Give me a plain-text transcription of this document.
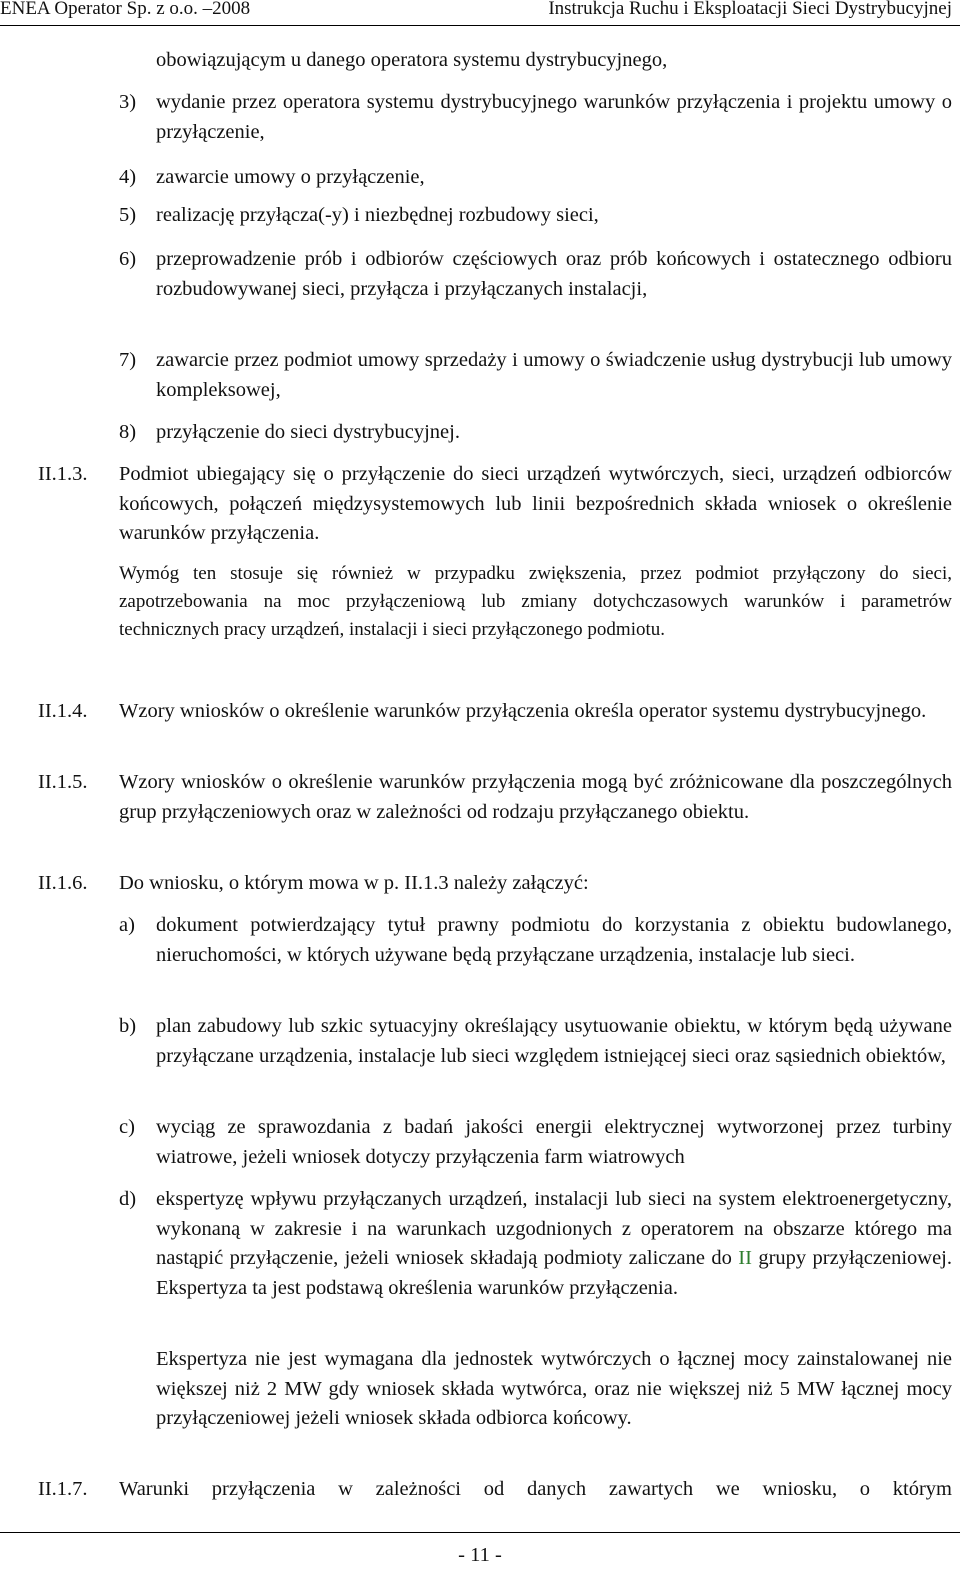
ENEA Operator Sp. z o.o. –2008	Instrukcja Ruchu i Eksploatacji Sieci Dystrybucyjnej
obowiązującym u danego operatora systemu dystrybucyjnego,
3) wydanie przez operatora systemu dystrybucyjnego warunków przyłączenia i projektu umowy o przyłączenie,
4) zawarcie umowy o przyłączenie,
5) realizację przyłącza(-y) i niezbędnej rozbudowy sieci,
6) przeprowadzenie prób i odbiorów częściowych oraz prób końcowych i ostatecznego odbioru rozbudowywanej sieci, przyłącza i przyłączanych instalacji,
7) zawarcie przez podmiot umowy sprzedaży i umowy o świadczenie usług dystrybucji lub umowy kompleksowej,
8) przyłączenie do sieci dystrybucyjnej.
II.1.3. Podmiot ubiegający się o przyłączenie do sieci urządzeń wytwórczych, sieci, urządzeń odbiorców końcowych, połączeń międzysystemowych lub linii bezpośrednich składa wniosek o określenie warunków przyłączenia.
Wymóg ten stosuje się również w przypadku zwiększenia, przez podmiot przyłączony do sieci, zapotrzebowania na moc przyłączeniową lub zmiany dotychczasowych warunków i parametrów technicznych pracy urządzeń, instalacji i sieci przyłączonego podmiotu.
II.1.4. Wzory wniosków o określenie warunków przyłączenia określa operator systemu dystrybucyjnego.
II.1.5. Wzory wniosków o określenie warunków przyłączenia mogą być zróżnicowane dla poszczególnych grup przyłączeniowych oraz w zależności od rodzaju przyłączanego obiektu.
II.1.6. Do wniosku, o którym mowa w p. II.1.3 należy załączyć:
a) dokument potwierdzający tytuł prawny podmiotu do korzystania z obiektu budowlanego, nieruchomości, w których używane będą przyłączane urządzenia, instalacje lub sieci.
b) plan zabudowy lub szkic sytuacyjny określający usytuowanie obiektu, w którym będą używane przyłączane urządzenia, instalacje lub sieci względem istniejącej sieci oraz sąsiednich obiektów,
c) wyciąg ze sprawozdania z badań jakości energii elektrycznej wytworzonej przez turbiny wiatrowe, jeżeli wniosek dotyczy przyłączenia farm wiatrowych
d) ekspertyzę wpływu przyłączanych urządzeń, instalacji lub sieci na system elektroenergetyczny, wykonaną w zakresie i na warunkach uzgodnionych z operatorem na obszarze którego ma nastąpić przyłączenie, jeżeli wniosek składają podmioty zaliczane do II grupy przyłączeniowej. Ekspertyza ta jest podstawą określenia warunków przyłączenia.
Ekspertyza nie jest wymagana dla jednostek wytwórczych o łącznej mocy zainstalowanej nie większej niż 2 MW gdy wniosek składa wytwórca, oraz nie większej niż 5 MW łącznej mocy przyłączeniowej jeżeli wniosek składa odbiorca końcowy.
II.1.7. Warunki przyłączenia w zależności od danych zawartych we wniosku, o którym
- 11 -
